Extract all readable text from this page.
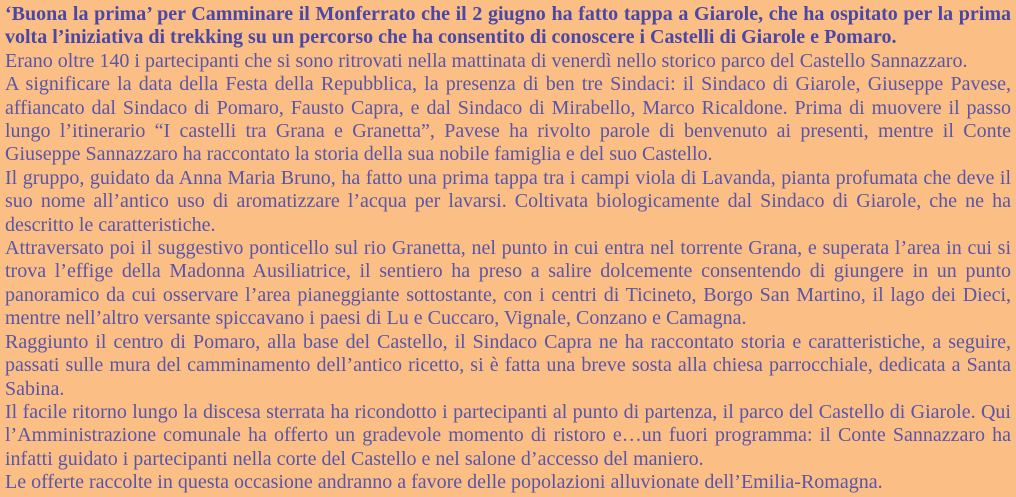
‘Buona la prima’ per Camminare il Monferrato che il 2 giugno ha fatto tappa a Giarole, che ha ospitato per la prima volta l’iniziativa di trekking su un percorso che ha consentito di conoscere i Castelli di Giarole e Pomaro.

Erano oltre 140 i partecipanti che si sono ritrovati nella mattinata di venerdì nello storico parco del Castello Sannazzaro.

A significare la data della Festa della Repubblica, la presenza di ben tre Sindaci: il Sindaco di Giarole, Giuseppe Pavese, affiancato dal Sindaco di Pomaro, Fausto Capra, e dal Sindaco di Mirabello, Marco Ricaldone. Prima di muovere il passo lungo l’itinerario “I castelli tra Grana e Granetta”, Pavese ha rivolto parole di benvenuto ai presenti, mentre il Conte Giuseppe Sannazzaro ha raccontato la storia della sua nobile famiglia e del suo Castello.

Il gruppo, guidato da Anna Maria Bruno, ha fatto una prima tappa tra i campi viola di Lavanda, pianta profumata che deve il suo nome all’antico uso di aromatizzare l’acqua per lavarsi. Coltivata biologicamente dal Sindaco di Giarole, che ne ha descritto le caratteristiche.

Attraversato poi il suggestivo ponticello sul rio Granetta, nel punto in cui entra nel torrente Grana, e superata l’area in cui si trova l’effige della Madonna Ausiliatrice, il sentiero ha preso a salire dolcemente consentendo di giungere in un punto panoramico da cui osservare l’area pianeggiante sottostante, con i centri di Ticineto, Borgo San Martino, il lago dei Dieci, mentre nell’altro versante spiccavano i paesi di Lu e Cuccaro, Vignale, Conzano e Camagna.

Raggiunto il centro di Pomaro, alla base del Castello, il Sindaco Capra ne ha raccontato storia e caratteristiche, a seguire, passati sulle mura del camminamento dell’antico ricetto, si è fatta una breve sosta alla chiesa parrocchiale, dedicata a Santa Sabina.

Il facile ritorno lungo la discesa sterrata ha ricondotto i partecipanti al punto di partenza, il parco del Castello di Giarole. Qui l’Amministrazione comunale ha offerto un gradevole momento di ristoro e…un fuori programma: il Conte Sannazzaro ha infatti guidato i partecipanti nella corte del Castello e nel salone d’accesso del maniero.

Le offerte raccolte in questa occasione andranno a favore delle popolazioni alluvionate dell’Emilia-Romagna.
